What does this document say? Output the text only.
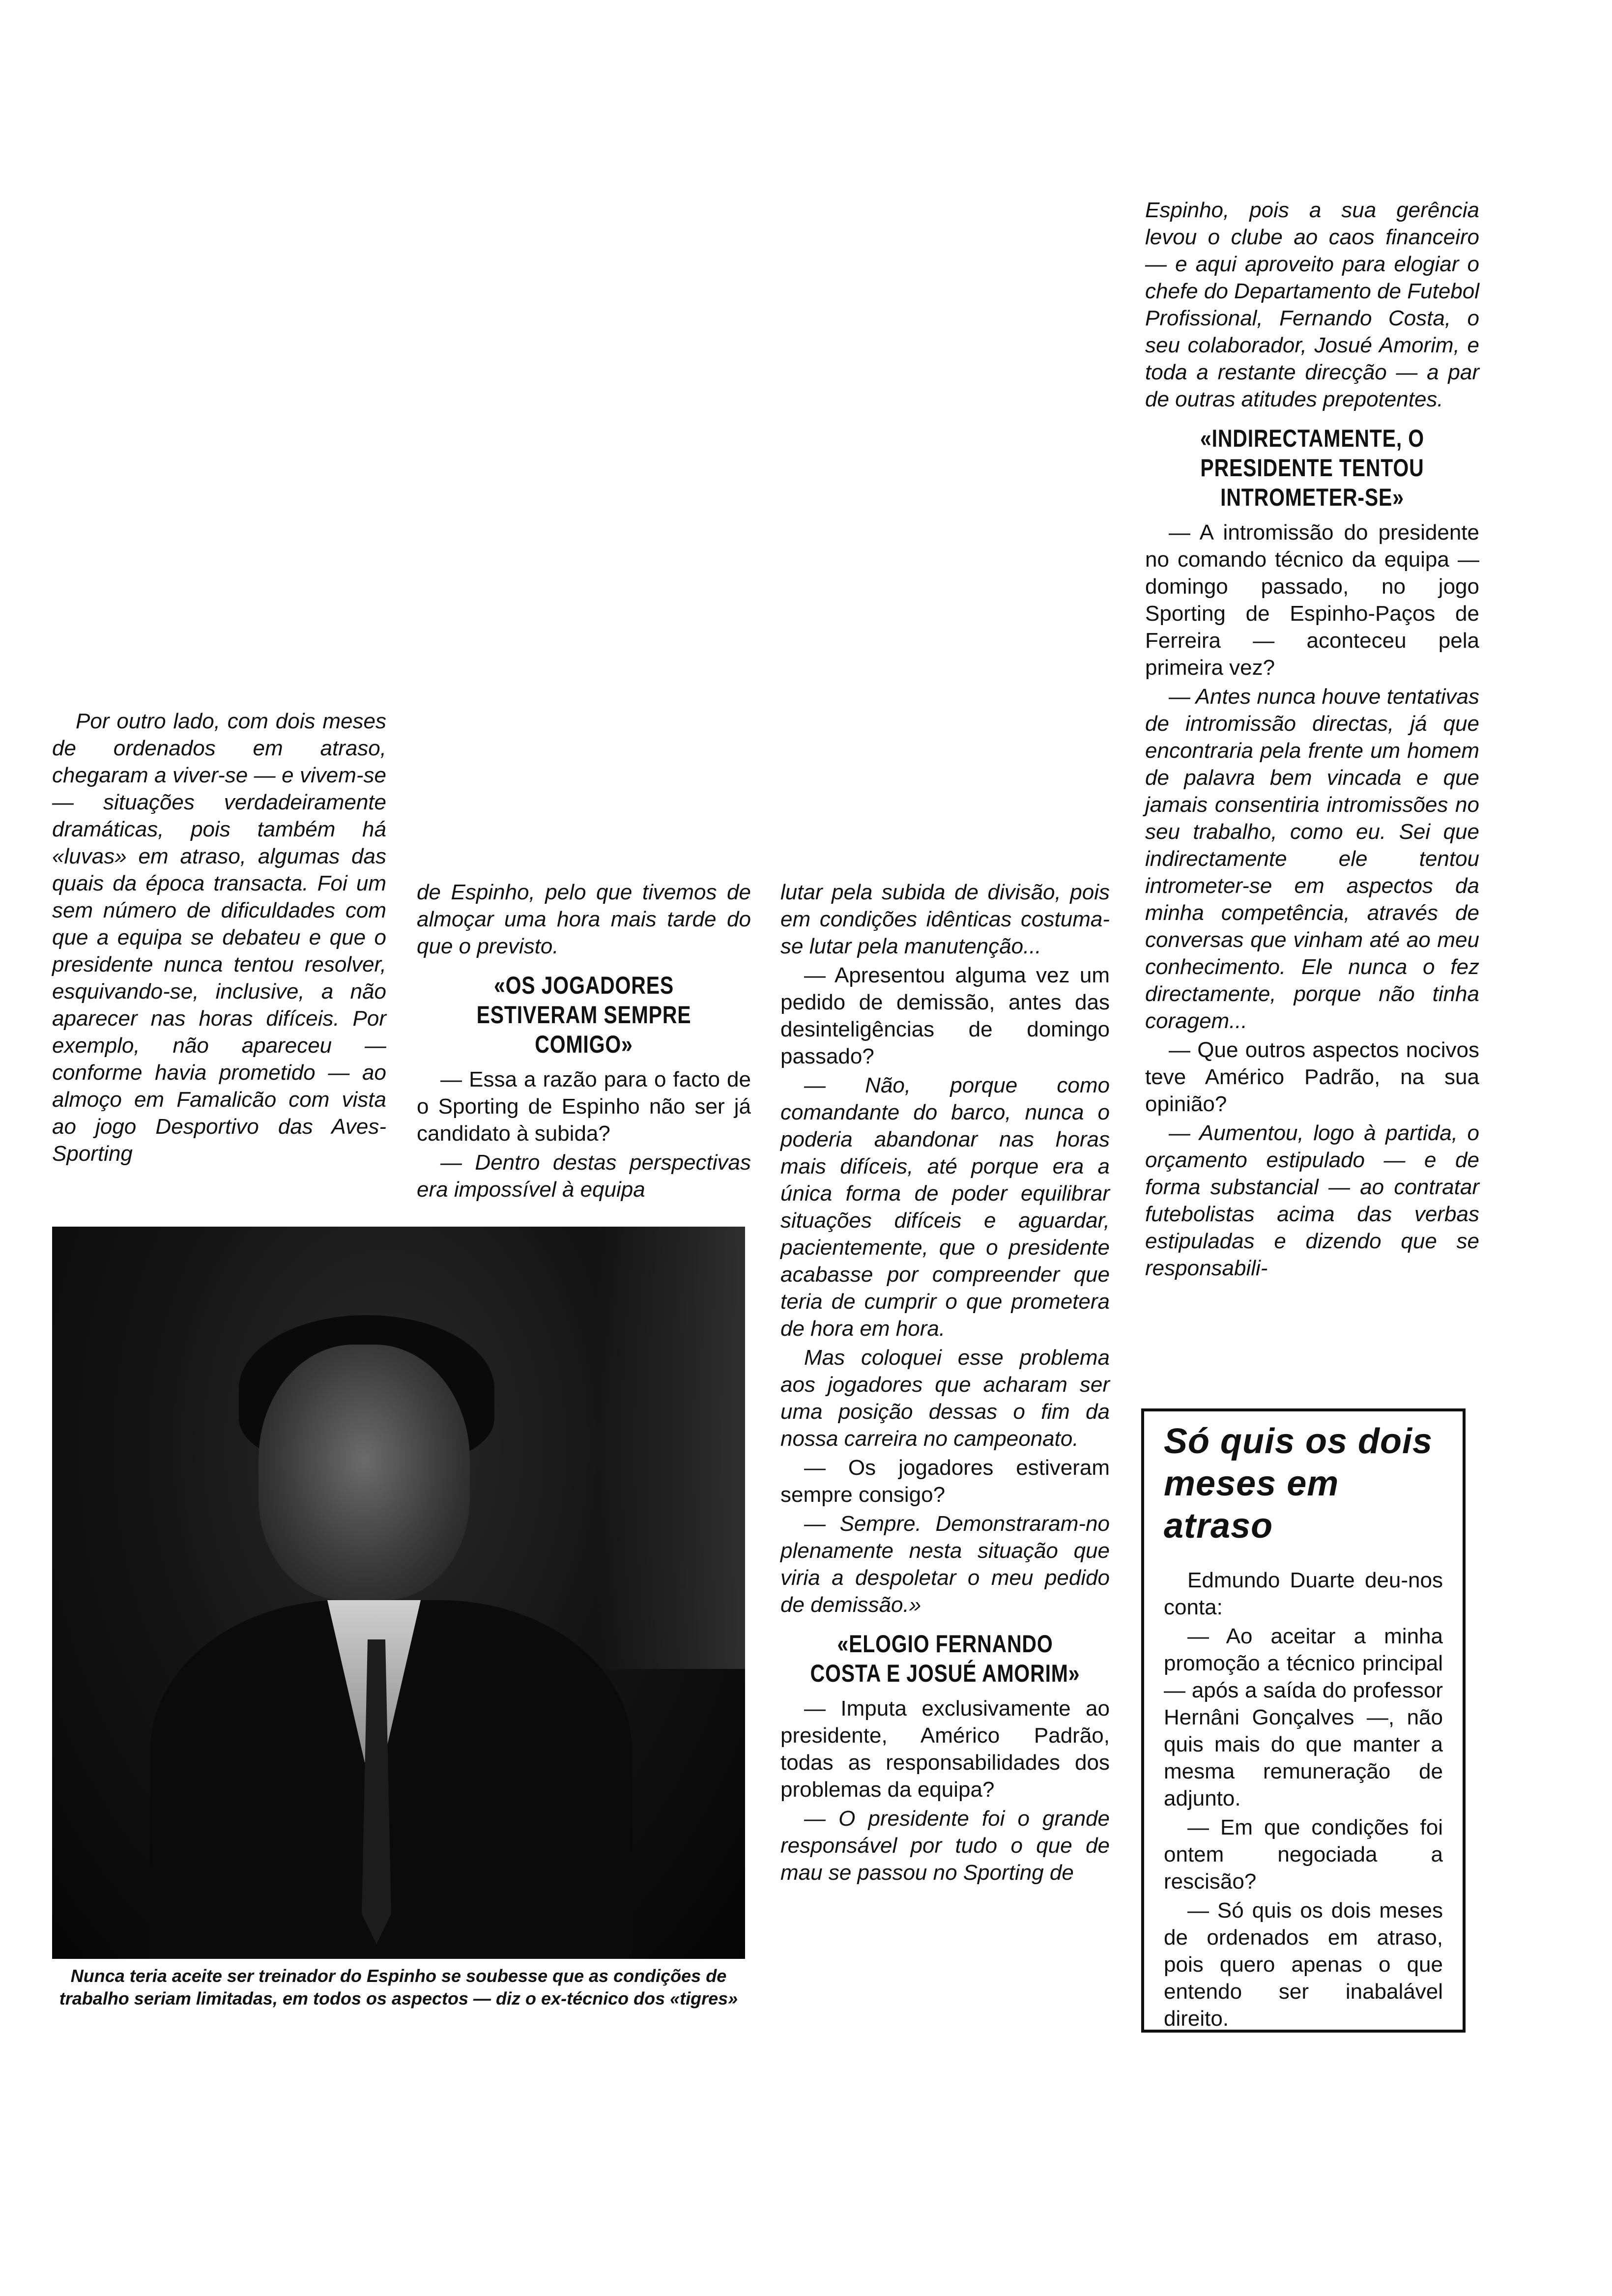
Por outro lado, com dois meses de ordenados em atraso, chegaram a viver-se — e vivem-se — situações verdadeiramente dramáticas, pois também há «luvas» em atraso, algumas das quais da época transacta. Foi um sem número de dificuldades com que a equipa se debateu e que o presidente nunca tentou resolver, esquivando-se, inclusive, a não aparecer nas horas difíceis. Por exemplo, não apareceu — conforme havia prometido — ao almoço em Famalicão com vista ao jogo Desportivo das Aves-Sporting

de Espinho, pelo que tivemos de almoçar uma hora mais tarde do que o previsto.

«OS JOGADORES ESTIVERAM SEMPRE COMIGO»

— Essa a razão para o facto de o Sporting de Espinho não ser já candidato à subida?

— Dentro destas perspectivas era impossível à equipa

Nunca teria aceite ser treinador do Espinho se soubesse que as condições de trabalho seriam limitadas, em todos os aspectos — diz o ex-técnico dos «tigres»

lutar pela subida de divisão, pois em condições idênticas costuma-se lutar pela manutenção...

— Apresentou alguma vez um pedido de demissão, antes das desinteligências de domingo passado?

— Não, porque como comandante do barco, nunca o poderia abandonar nas horas mais difíceis, até porque era a única forma de poder equilibrar situações difíceis e aguardar, pacientemente, que o presidente acabasse por compreender que teria de cumprir o que prometera de hora em hora.

Mas coloquei esse problema aos jogadores que acharam ser uma posição dessas o fim da nossa carreira no campeonato.

— Os jogadores estiveram sempre consigo?

— Sempre. Demonstraram-no plenamente nesta situação que viria a despoletar o meu pedido de demissão.»

«ELOGIO FERNANDO COSTA E JOSUÉ AMORIM»

— Imputa exclusivamente ao presidente, Américo Padrão, todas as responsabilidades dos problemas da equipa?

— O presidente foi o grande responsável por tudo o que de mau se passou no Sporting de

Espinho, pois a sua gerência levou o clube ao caos financeiro — e aqui aproveito para elogiar o chefe do Departamento de Futebol Profissional, Fernando Costa, o seu colaborador, Josué Amorim, e toda a restante direcção — a par de outras atitudes prepotentes.

«INDIRECTAMENTE, O PRESIDENTE TENTOU INTROMETER-SE»

— A intromissão do presidente no comando técnico da equipa — domingo passado, no jogo Sporting de Espinho-Paços de Ferreira — aconteceu pela primeira vez?

— Antes nunca houve tentativas de intromissão directas, já que encontraria pela frente um homem de palavra bem vincada e que jamais consentiria intromissões no seu trabalho, como eu. Sei que indirectamente ele tentou intrometer-se em aspectos da minha competência, através de conversas que vinham até ao meu conhecimento. Ele nunca o fez directamente, porque não tinha coragem...

— Que outros aspectos nocivos teve Américo Padrão, na sua opinião?

— Aumentou, logo à partida, o orçamento estipulado — e de forma substancial — ao contratar futebolistas acima das verbas estipuladas e dizendo que se responsabili-

Só quis os dois meses em atraso

Edmundo Duarte deu-nos conta:

— Ao aceitar a minha promoção a técnico principal — após a saída do professor Hernâni Gonçalves —, não quis mais do que manter a mesma remuneração de adjunto.

— Em que condições foi ontem negociada a rescisão?

— Só quis os dois meses de ordenados em atraso, pois quero apenas o que entendo ser inabalável direito.
